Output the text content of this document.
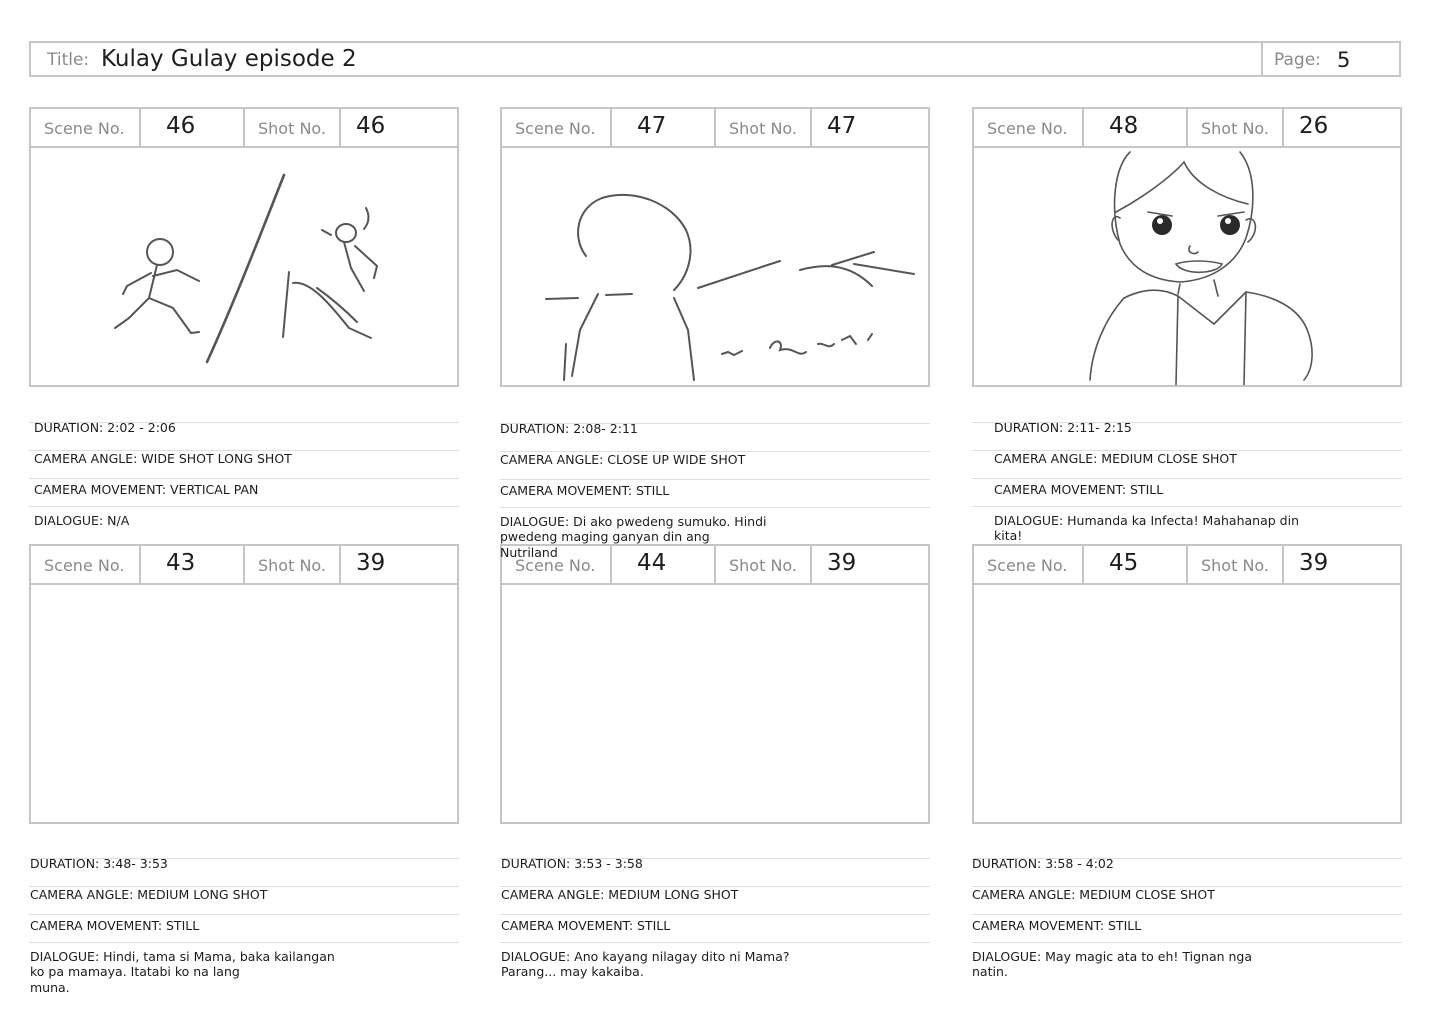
Title: Kulay Gulay episode 2	Page: 5
Scene No. 46	Shot No. 46	Scene No. 47	Shot No. 47	Scene No. 48	Shot No. 26
Scene No. 43	Shot No. 39	Scene No. 44	Shot No. 39	Scene No. 45	Shot No. 39

DURATION: 2:02 - 2:06

CAMERA ANGLE: WIDE SHOT LONG SHOT

CAMERA MOVEMENT: VERTICAL PAN

DIALOGUE: N/A

DURATION: 2:08- 2:11

CAMERA ANGLE: CLOSE UP WIDE SHOT

CAMERA MOVEMENT: STILL

DIALOGUE: Di ako pwedeng sumuko. Hindi
pwedeng maging ganyan din ang
Nutriland

DURATION: 2:11- 2:15

CAMERA ANGLE: MEDIUM CLOSE SHOT

CAMERA MOVEMENT: STILL

DIALOGUE: Humanda ka Infecta! Mahahanap din
kita!

DURATION: 3:48- 3:53

CAMERA ANGLE: MEDIUM LONG SHOT

CAMERA MOVEMENT: STILL

DIALOGUE: Hindi, tama si Mama, baka kailangan
ko pa mamaya. Itatabi ko na lang
muna.

DURATION: 3:53 - 3:58

CAMERA ANGLE: MEDIUM LONG SHOT

CAMERA MOVEMENT: STILL

DIALOGUE: Ano kayang nilagay dito ni Mama?
Parang... may kakaiba.

DURATION: 3:58 - 4:02

CAMERA ANGLE: MEDIUM CLOSE SHOT

CAMERA MOVEMENT: STILL

DIALOGUE: May magic ata to eh! Tignan nga
natin.
